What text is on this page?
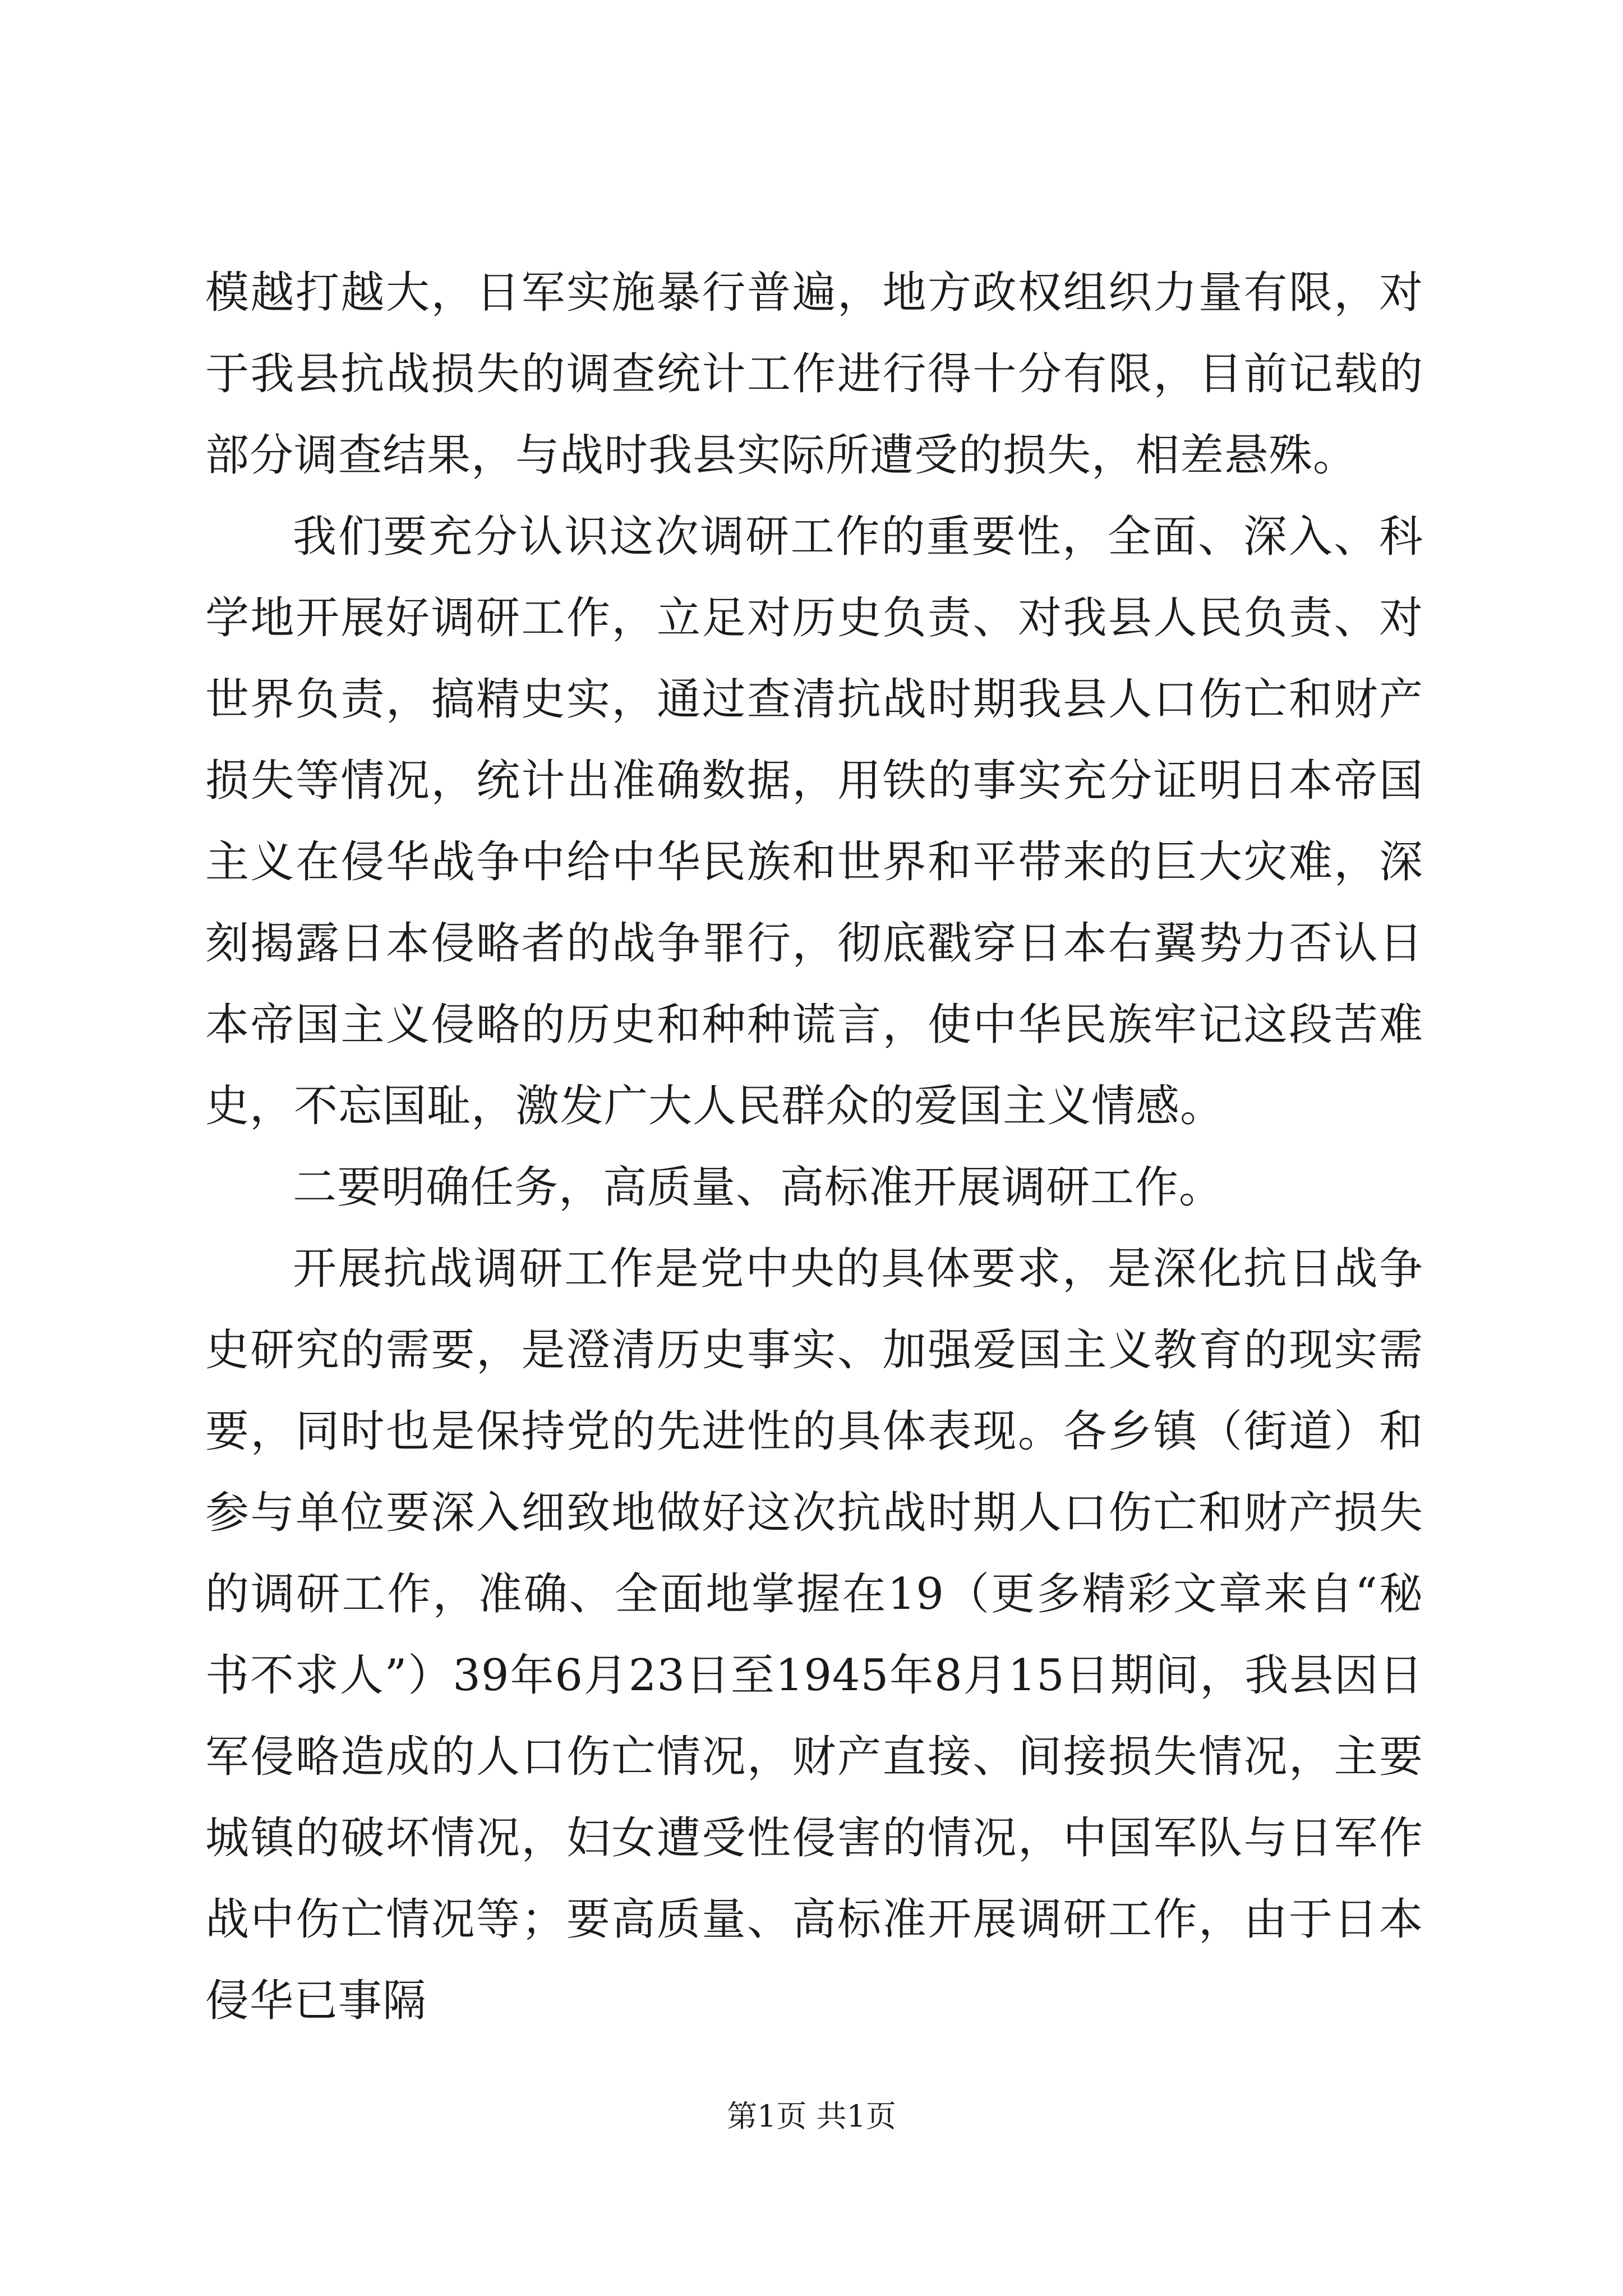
模越打越大，日军实施暴行普遍，地方政权组织力量有限，对于我县抗战损失的调查统计工作进行得十分有限，目前记载的部分调查结果，与战时我县实际所遭受的损失，相差悬殊。

我们要充分认识这次调研工作的重要性，全面、深入、科学地开展好调研工作，立足对历史负责、对我县人民负责、对世界负责，搞精史实，通过查清抗战时期我县人口伤亡和财产损失等情况，统计出准确数据，用铁的事实充分证明日本帝国主义在侵华战争中给中华民族和世界和平带来的巨大灾难，深刻揭露日本侵略者的战争罪行，彻底戳穿日本右翼势力否认日本帝国主义侵略的历史和种种谎言，使中华民族牢记这段苦难史，不忘国耻，激发广大人民群众的爱国主义情感。

二要明确任务，高质量、高标准开展调研工作。

开展抗战调研工作是党中央的具体要求，是深化抗日战争史研究的需要，是澄清历史事实、加强爱国主义教育的现实需要，同时也是保持党的先进性的具体表现。各乡镇（街道）和参与单位要深入细致地做好这次抗战时期人口伤亡和财产损失的调研工作，准确、全面地掌握在19（更多精彩文章来自“秘书不求人”）39年6月23日至1945年8月15日期间，我县因日军侵略造成的人口伤亡情况，财产直接、间接损失情况，主要城镇的破坏情况，妇女遭受性侵害的情况，中国军队与日军作战中伤亡情况等；要高质量、高标准开展调研工作，由于日本侵华已事隔

第1页 共1页
